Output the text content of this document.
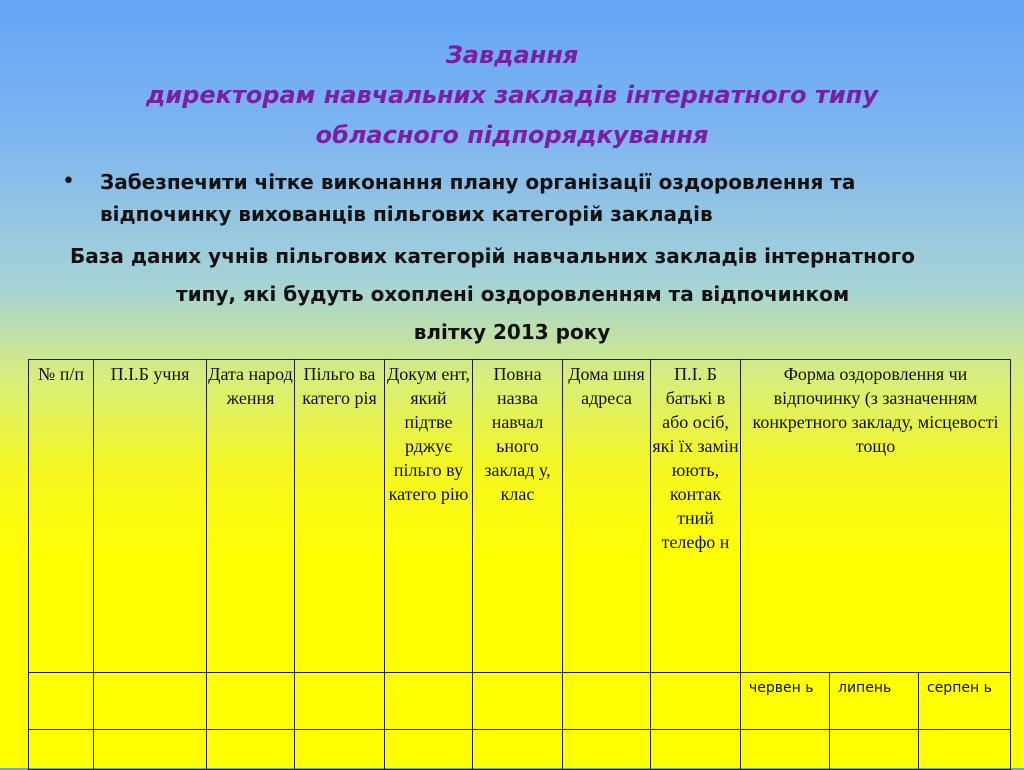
Завдання
директорам навчальних закладів інтернатного типу
обласного підпорядкування
• Забезпечити чітке виконання плану організації оздоровлення та відпочинку вихованців пільгових категорій закладів
База даних учнів пільгових категорій навчальних закладів інтернатного
типу, які будуть охоплені оздоровленням та відпочинком
влітку 2013 року
№ п/п	П.І.Б учня	Дата народ ження	Пільго ва катего рія	Докум ент, який підтве рджує пільго ву катего рію	Повна назва навчал ьного заклад у, клас	Дома шня адреса	П.І. Б батькі в або осіб, які їх замін юють, контак тний телефо н	Форма оздоровлення чи відпочинку (з зазначенням конкретного закладу, місцевості тощо		
								червен ь	липень	серпен ь
